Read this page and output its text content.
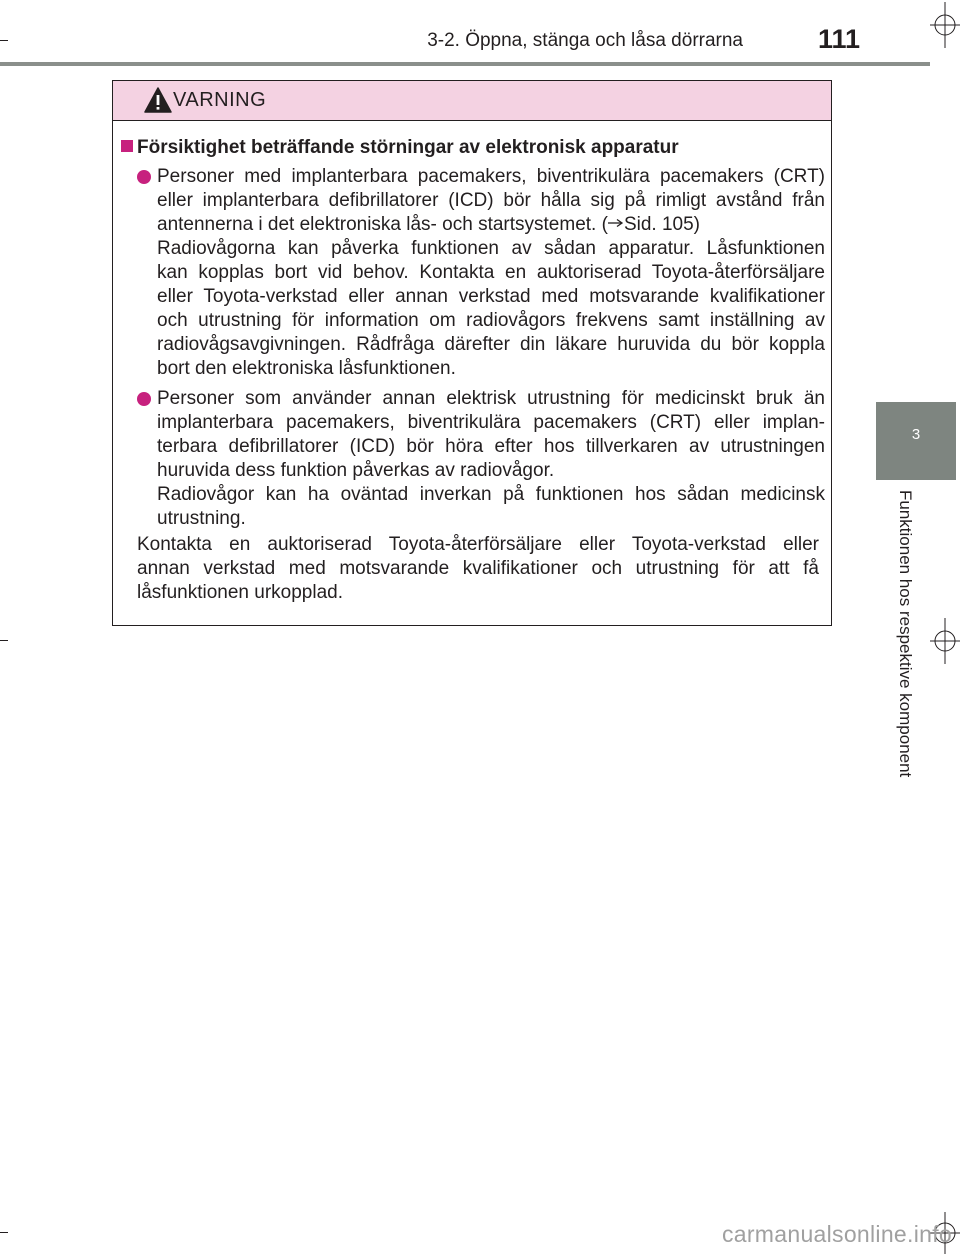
3-2. Öppna, stänga och låsa dörrarna	111
3
Funktionen hos respektive komponent
VARNING
Försiktighet beträffande störningar av elektronisk apparatur
Personer med implanterbara pacemakers, biventrikulära pacemakers (CRT)
eller implanterbara defibrillatorer (ICD) bör hålla sig på rimligt avstånd från
antennerna i det elektroniska lås- och startsystemet. ( Sid. 105)
Radiovågorna kan påverka funktionen av sådan apparatur. Låsfunktionen
kan kopplas bort vid behov. Kontakta en auktoriserad Toyota-återförsäljare
eller Toyota-verkstad eller annan verkstad med motsvarande kvalifikationer
och utrustning för information om radiovågors frekvens samt inställning av
radiovågsavgivningen. Rådfråga därefter din läkare huruvida du bör koppla
bort den elektroniska låsfunktionen.
Personer som använder annan elektrisk utrustning för medicinskt bruk än
implanterbara pacemakers, biventrikulära pacemakers (CRT) eller implan-
terbara defibrillatorer (ICD) bör höra efter hos tillverkaren av utrustningen
huruvida dess funktion påverkas av radiovågor.
Radiovågor kan ha oväntad inverkan på funktionen hos sådan medicinsk
utrustning.
Kontakta en auktoriserad Toyota-återförsäljare eller Toyota-verkstad eller
annan verkstad med motsvarande kvalifikationer och utrustning för att få
låsfunktionen urkopplad.
carmanualsonline.info
